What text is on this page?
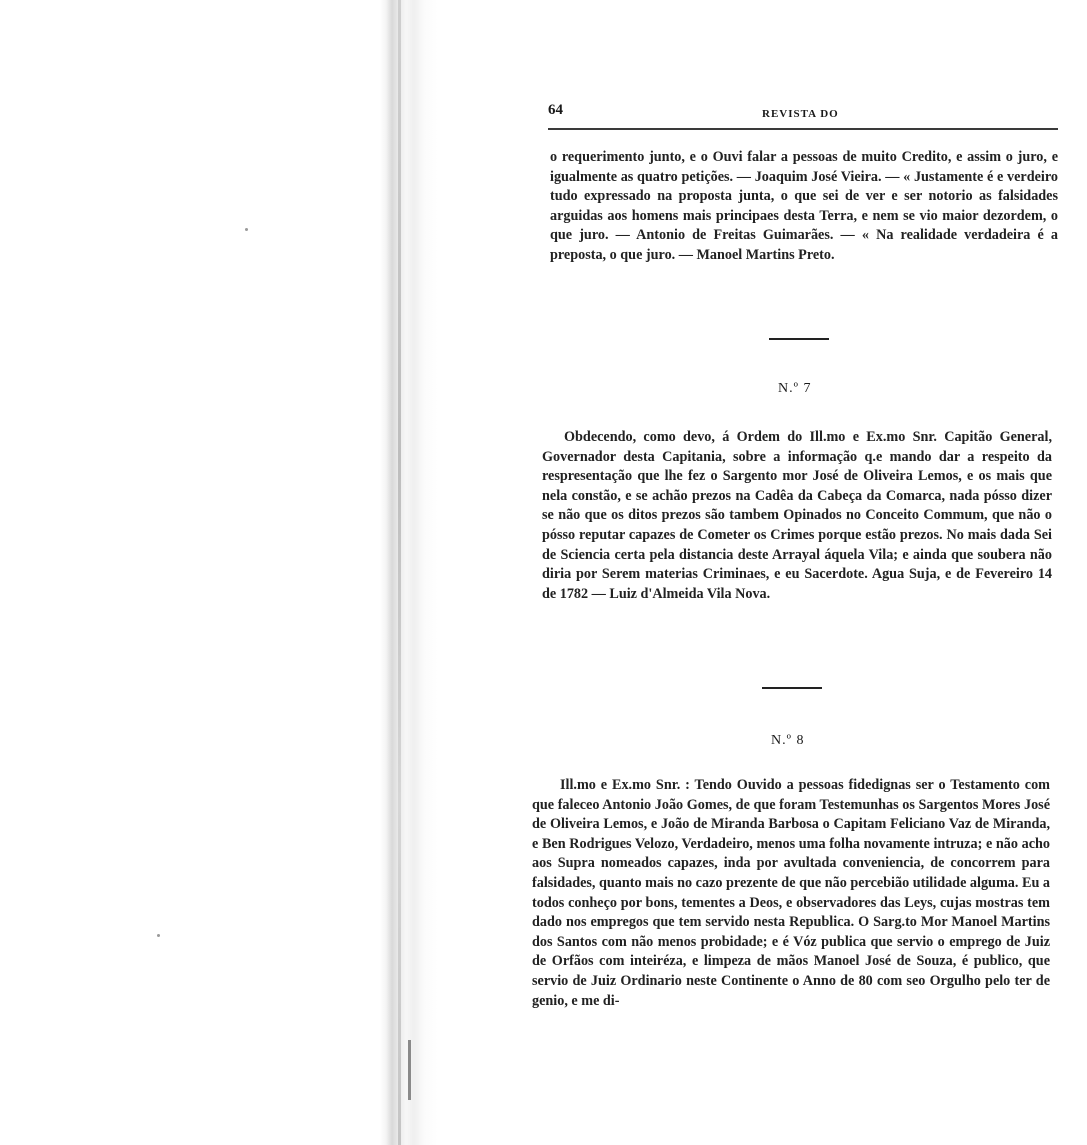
64	REVISTA DO

o requerimento junto, e o Ouvi falar a pessoas de muito Credito, e assim o juro, e igualmente as quatro petições. — Joaquim José Vieira. — « Justamente é e verdeiro tudo expressado na proposta junta, o que sei de ver e ser notorio as falsidades arguidas aos homens mais principaes desta Terra, e nem se vio maior dezordem, o que juro. — Antonio de Freitas Guimarães. — « Na realidade verdadeira é a preposta, o que juro. — Manoel Martins Preto.

N.º 7

Obdecendo, como devo, á Ordem do Ill.mo e Ex.mo Snr. Capitão General, Governador desta Capitania, sobre a informação q.e mando dar a respeito da respresentação que lhe fez o Sargento mor José de Oliveira Lemos, e os mais que nela constão, e se achão prezos na Cadêa da Cabeça da Comarca, nada pósso dizer se não que os ditos prezos são tambem Opinados no Conceito Commum, que não o pósso reputar capazes de Cometer os Crimes porque estão prezos. No mais dada Sei de Sciencia certa pela distancia deste Arrayal áquela Vila; e ainda que soubera não diria por Serem materias Criminaes, e eu Sacerdote. Agua Suja, e de Fevereiro 14 de 1782 — Luiz d'Almeida Vila Nova.

N.º 8

Ill.mo e Ex.mo Snr. : Tendo Ouvido a pessoas fidedignas ser o Testamento com que faleceo Antonio João Gomes, de que foram Testemunhas os Sargentos Mores José de Oliveira Lemos, e João de Miranda Barbosa o Capitam Feliciano Vaz de Miranda, e Ben Rodrigues Velozo, Verdadeiro, menos uma folha novamente intruza; e não acho aos Supra nomeados capazes, inda por avultada conveniencia, de concorrem para falsidades, quanto mais no cazo prezente de que não percebião utilidade alguma. Eu a todos conheço por bons, tementes a Deos, e observadores das Leys, cujas mostras tem dado nos empregos que tem servido nesta Republica. O Sarg.to Mor Manoel Martins dos Santos com não menos probidade; e é Vóz publica que servio o emprego de Juiz de Orfãos com inteiréza, e limpeza de mãos Manoel José de Souza, é publico, que servio de Juiz Ordinario neste Continente o Anno de 80 com seo Orgulho pelo ter de genio, e me di-
